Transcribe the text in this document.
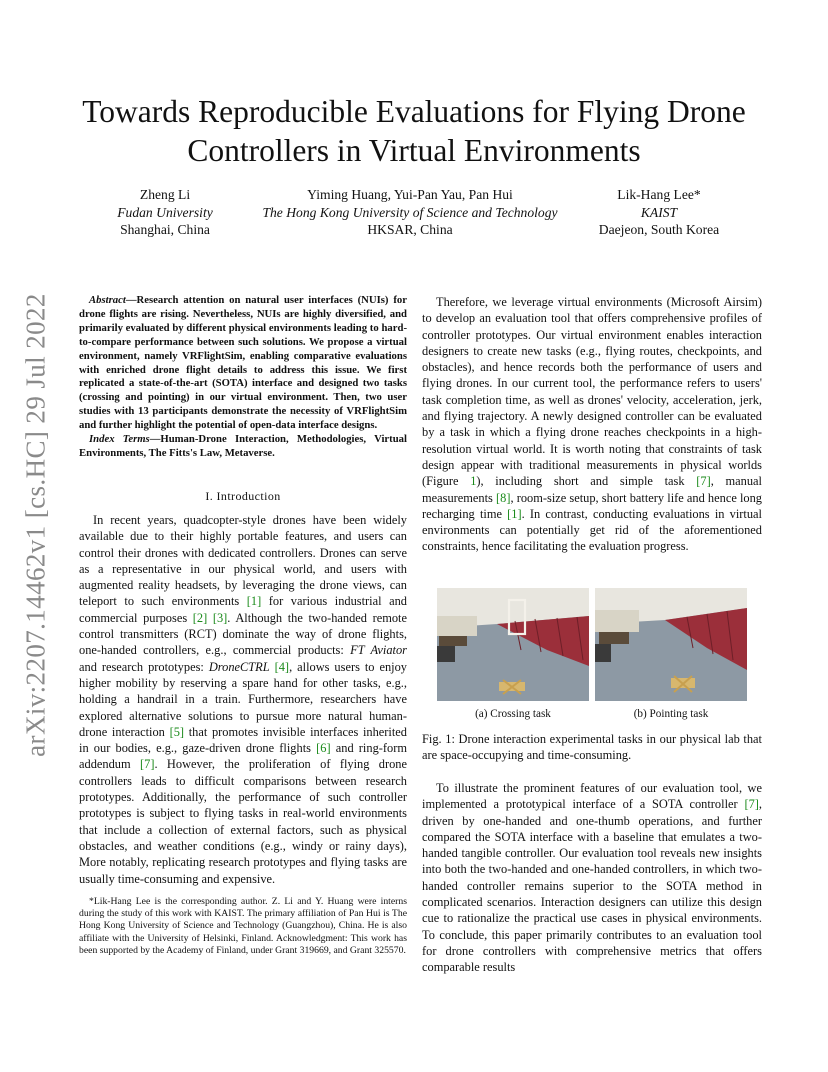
Towards Reproducible Evaluations for Flying Drone Controllers in Virtual Environments
Zheng Li
Fudan University
Shanghai, China
Yiming Huang, Yui-Pan Yau, Pan Hui
The Hong Kong University of Science and Technology
HKSAR, China
Lik-Hang Lee*
KAIST
Daejeon, South Korea
arXiv:2207.14462v1 [cs.HC] 29 Jul 2022	Abstract—Research attention on natural user interfaces (NUIs) for drone flights are rising. Nevertheless, NUIs are highly diversified, and primarily evaluated by different physical environments leading to hard-to-compare performance between such solutions. We propose a virtual environment, namely VRFlightSim, enabling comparative evaluations with enriched drone flight details to address this issue. We first replicated a state-of-the-art (SOTA) interface and designed two tasks (crossing and pointing) in our virtual environment. Then, two user studies with 13 participants demonstrate the necessity of VRFlightSim and further highlight the potential of open-data interface designs.

Index Terms—Human-Drone Interaction, Methodologies, Virtual Environments, The Fitts's Law, Metaverse.

I. Introduction

In recent years, quadcopter-style drones have been widely available due to their highly portable features, and users can control their drones with dedicated controllers. Drones can serve as a representative in our physical world, and users with augmented reality headsets, by leveraging the drone views, can teleport to such environments [1] for various industrial and commercial purposes [2] [3]. Although the two-handed remote control transmitters (RCT) dominate the way of drone flights, one-handed controllers, e.g., commercial products: FT Aviator and research prototypes: DroneCTRL [4], allows users to enjoy higher mobility by reserving a spare hand for other tasks, e.g., holding a handrail in a train. Furthermore, researchers have explored alternative solutions to pursue more natural human-drone interaction [5] that promotes invisible interfaces inherited in our bodies, e.g., gaze-driven drone flights [6] and ring-form addendum [7]. However, the proliferation of flying drone controllers leads to difficult comparisons between research prototypes. Additionally, the performance of such controller prototypes is subject to flying tasks in real-world environments that include a collection of external factors, such as physical obstacles, and weather conditions (e.g., windy or rainy days), More notably, replicating research prototypes and flying tasks are usually time-consuming and expensive.

*Lik-Hang Lee is the corresponding author. Z. Li and Y. Huang were interns during the study of this work with KAIST. The primary affiliation of Pan Hui is The Hong Kong University of Science and Technology (Guangzhou), China. He is also affiliate with the University of Helsinki, Finland. Acknowledgment: This work has been supported by the Academy of Finland, under Grant 319669, and Grant 325570.

Therefore, we leverage virtual environments (Microsoft Airsim) to develop an evaluation tool that offers comprehensive profiles of controller prototypes. Our virtual environment enables interaction designers to create new tasks (e.g., flying routes, checkpoints, and obstacles), and hence records both the performance of users and flying drones. In our current tool, the performance refers to users' task completion time, as well as drones' velocity, acceleration, jerk, and flying trajectory. A newly designed controller can be evaluated by a task in which a flying drone reaches checkpoints in a high-resolution virtual world. It is worth noting that constraints of task design appear with traditional measurements in physical worlds (Figure 1), including short and simple task [7], manual measurements [8], room-size setup, short battery life and hence long recharging time [1]. In contrast, conducting evaluations in virtual environments can potentially get rid of the aforementioned constraints, hence facilitating the evaluation progress.

(a) Crossing task	(b) Pointing task
Fig. 1: Drone interaction experimental tasks in our physical lab that are space-occupying and time-consuming.

To illustrate the prominent features of our evaluation tool, we implemented a prototypical interface of a SOTA controller [7], driven by one-handed and one-thumb operations, and further compared the SOTA interface with a baseline that emulates a two-handed tangible controller. Our evaluation tool reveals new insights into both the two-handed and one-handed controllers, in which two-handed controller remains superior to the SOTA method in complicated scenarios. Interaction designers can utilize this design cue to rationalize the practical use cases in physical environments. To conclude, this paper primarily contributes to an evaluation tool for drone controllers with comprehensive metrics that offers comparable results
